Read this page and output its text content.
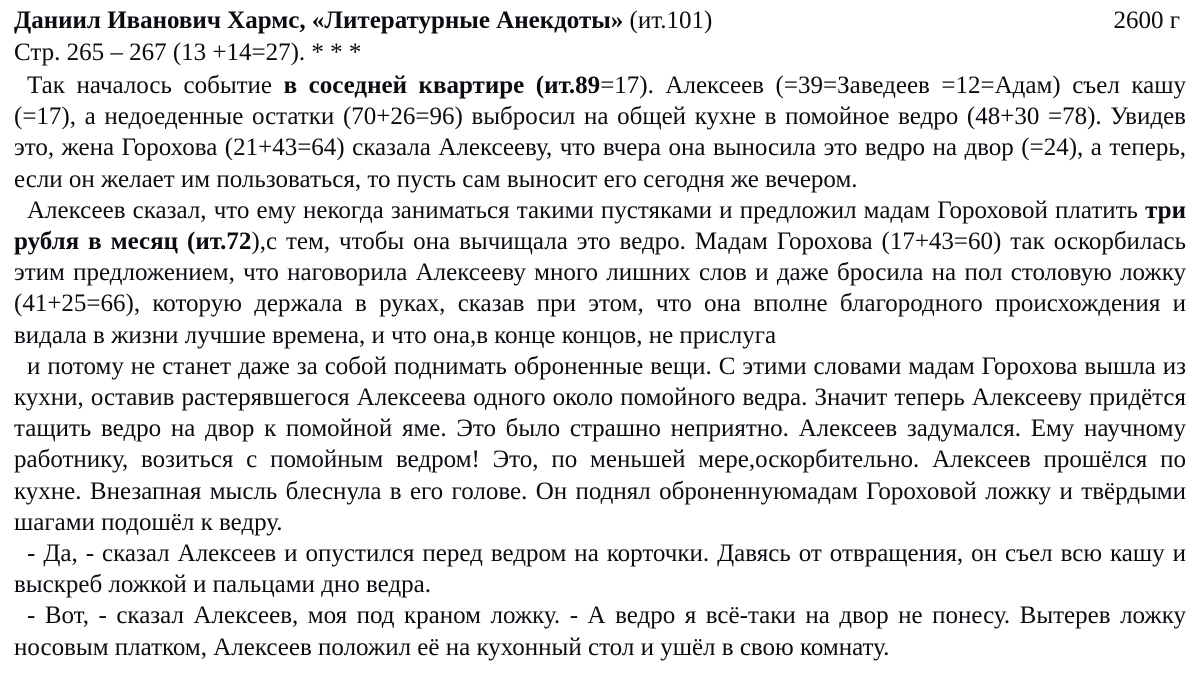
Даниил Иванович Хармс, «Литературные Анекдоты» (ит.101)	2600 г
Стр. 265 – 267 (13 +14=27). * * *

Так началось событие в соседней квартире (ит.89=17). Алексеев (=39=Заведеев =12=Адам) съел кашу (=17), а недоеденные остатки (70+26=96) выбросил на общей кухне в помойное ведро (48+30 =78). Увидев это, жена Горохова (21+43=64) сказала Алексееву, что вчера она выносила это ведро на двор (=24), а теперь, если он желает им пользоваться, то пусть сам выносит его сегодня же вечером.

Алексеев сказал, что ему некогда заниматься такими пустяками и предложил мадам Гороховой платить три рубля в месяц (ит.72),с тем, чтобы она вычищала это ведро. Мадам Горохова (17+43=60) так оскорбилась этим предложением, что наговорила Алексееву много лишних слов и даже бросила на пол столовую ложку (41+25=66), которую держала в руках, сказав при этом, что она вполне благородного происхождения и видала в жизни лучшие времена, и что она,в конце концов, не прислуга

и потому не станет даже за собой поднимать оброненные вещи. С этими словами мадам Горохова вышла из кухни, оставив растерявшегося Алексеева одного около помойного ведра. Значит теперь Алексееву придётся тащить ведро на двор к помойной яме. Это было страшно неприятно. Алексеев задумался. Ему научному работнику, возиться с помойным ведром! Это, по меньшей мере,оскорбительно. Алексеев прошёлся по кухне. Внезапная мысль блеснула в его голове. Он поднял оброненнуюмадам Гороховой ложку и твёрдыми шагами подошёл к ведру.

- Да, - сказал Алексеев и опустился перед ведром на корточки. Давясь от отвращения, он съел всю кашу и выскреб ложкой и пальцами дно ведра.

- Вот, - сказал Алексеев, моя под краном ложку. - А ведро я всё-таки на двор не понесу. Вытерев ложку носовым платком, Алексеев положил её на кухонный стол и ушёл в свою комнату.
